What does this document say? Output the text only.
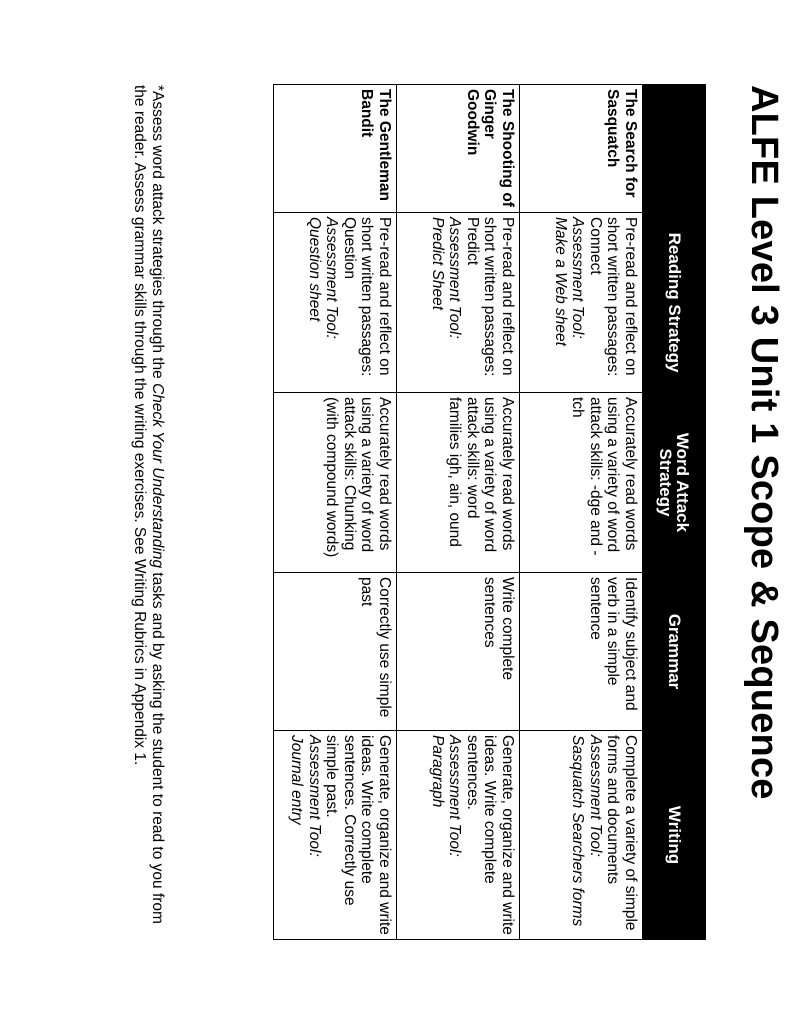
ALFE Level 3 Unit 1 Scope & Sequence
	Reading Strategy	Word Attack Strategy	Grammar	Writing
The Search for Sasquatch	Pre-read and reflect on short written passages: Connect
Assessment Tool:
Make a Web sheet	Accurately read words using a variety of word attack skills: -dge and -tch	Identify subject and verb in a simple sentence	Complete a variety of simple forms and documents
Assessment Tool:
Sasquatch Searchers forms

The Shooting of Ginger Goodwin	Pre-read and reflect on short written passages: Predict
Assessment Tool:
Predict Sheet	Accurately read words using a variety of word attack skills: word families igh, ain, ound	Write complete sentences	Generate, organize and write ideas. Write complete sentences.
Assessment Tool:
Paragraph

The Gentleman Bandit	Pre-read and reflect on short written passages: Question
Assessment Tool:
Question sheet	Accurately read words using a variety of word attack skills: Chunking (with compound words)	Correctly use simple past	Generate, organize and write ideas. Write complete sentences. Correctly use simple past.
Assessment Tool:
Journal entry
*Assess word attack strategies through the Check Your Understanding tasks and by asking the student to read to you from the reader. Assess grammar skills through the writing exercises. See Writing Rubrics in Appendix 1.
